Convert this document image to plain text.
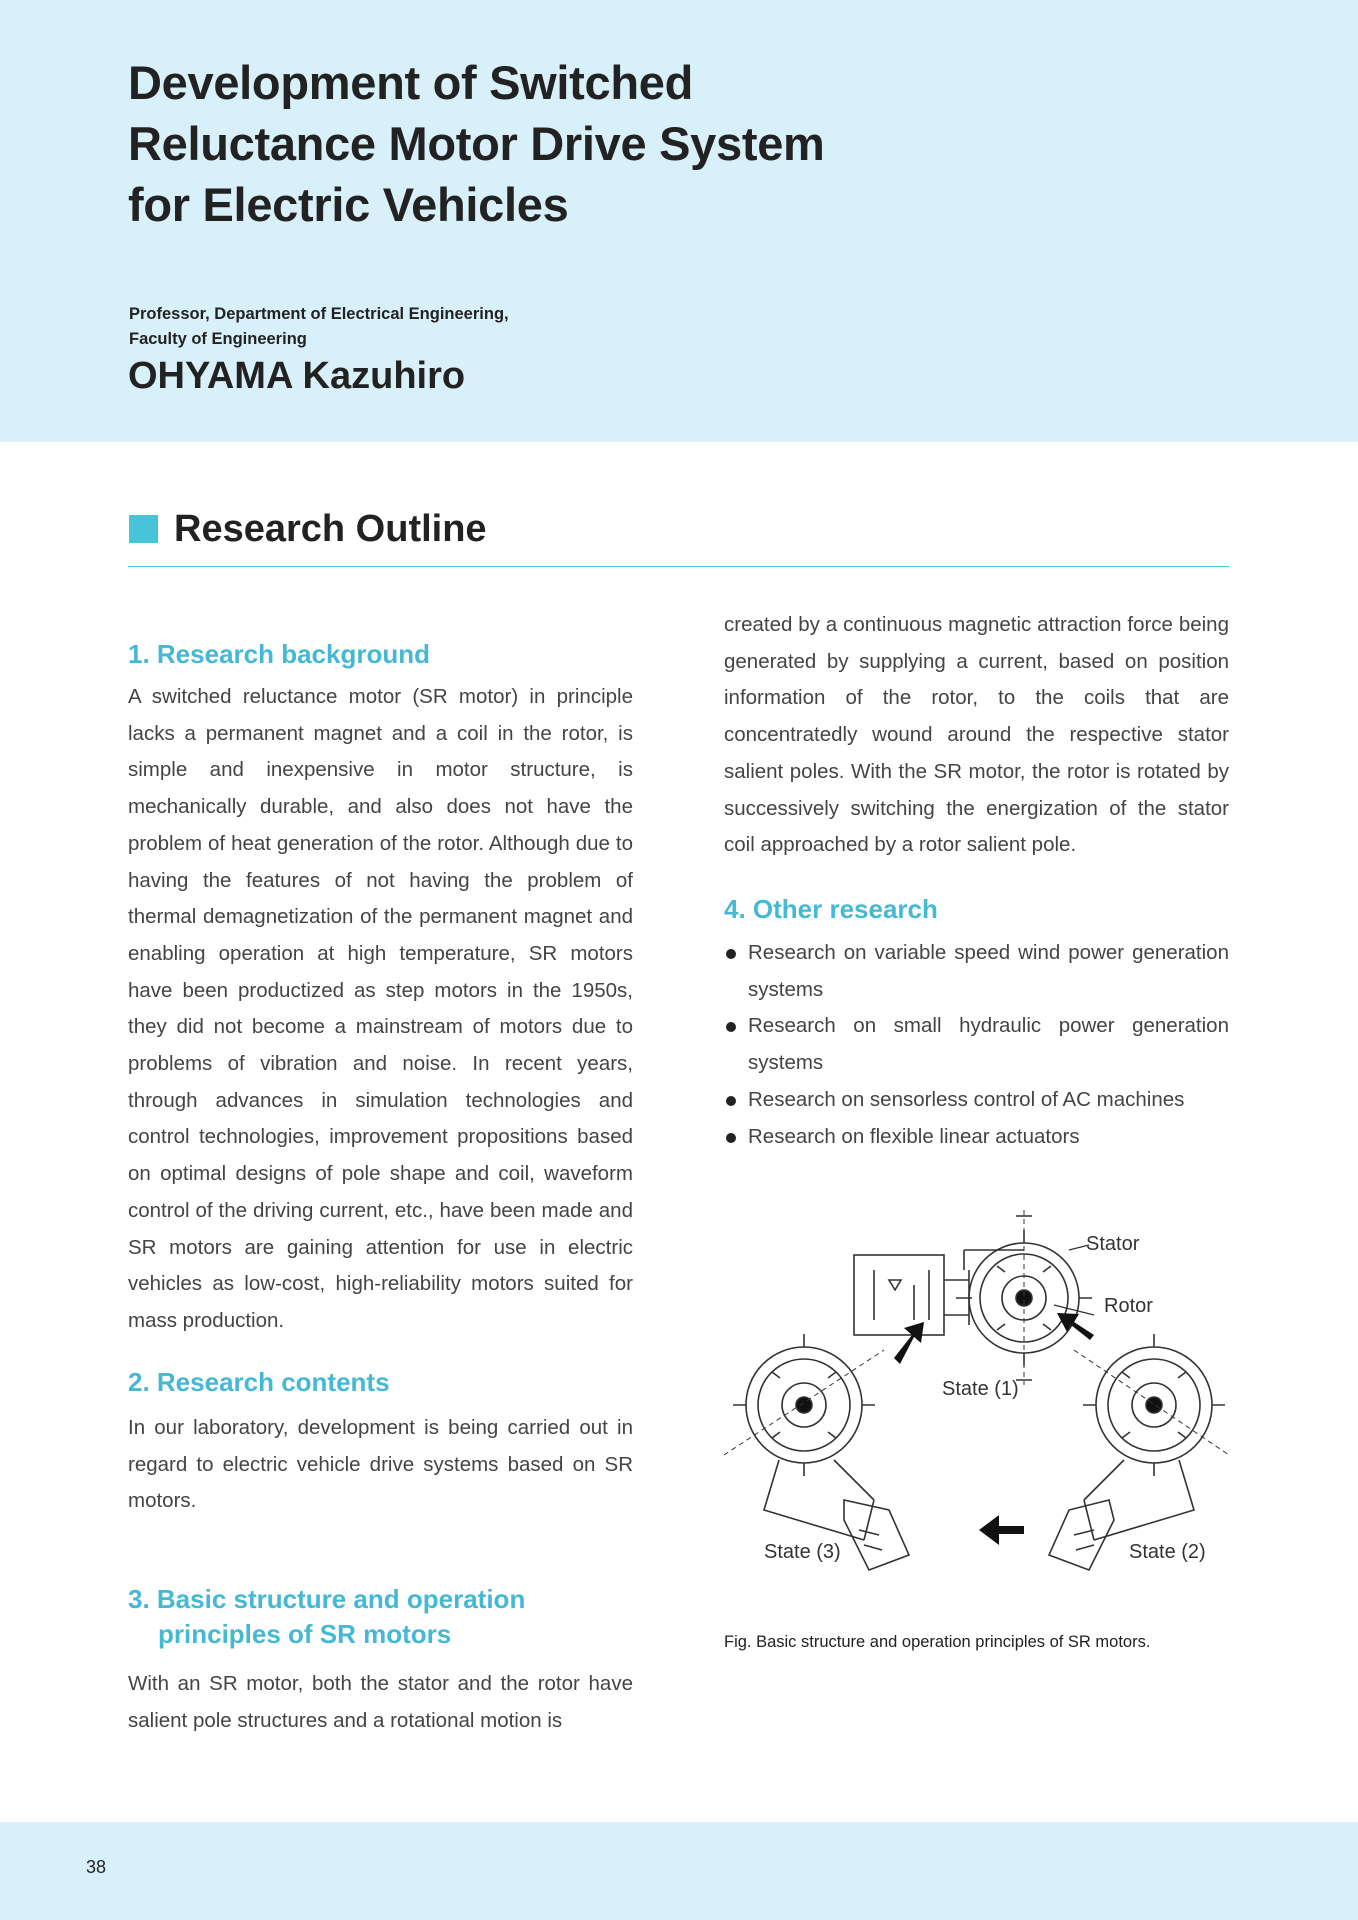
Development of Switched
Reluctance Motor Drive System
for Electric Vehicles

Professor, Department of Electrical Engineering,
Faculty of Engineering

OHYAMA Kazuhiro

Research Outline
1. Research background

A switched reluctance motor (SR motor) in principle lacks a permanent magnet and a coil in the rotor, is simple and inexpensive in motor structure, is mechanically durable, and also does not have the problem of heat generation of the rotor. Although due to having the features of not having the problem of thermal demagnetization of the permanent magnet and enabling operation at high temperature, SR motors have been productized as step motors in the 1950s, they did not become a mainstream of motors due to problems of vibration and noise. In recent years, through advances in simulation technologies and control technologies, improvement propositions based on optimal designs of pole shape and coil, waveform control of the driving current, etc., have been made and SR motors are gaining attention for use in electric vehicles as low-cost, high-reliability motors suited for mass production.

2. Research contents

In our laboratory, development is being carried out in regard to electric vehicle drive systems based on SR motors.

3. Basic structure and operation
principles of SR motors

With an SR motor, both the stator and the rotor have salient pole structures and a rotational motion is

created by a continuous magnetic attraction force being generated by supplying a current, based on position information of the rotor, to the coils that are concentratedly wound around the respective stator salient poles. With the SR motor, the rotor is rotated by successively switching the energization of the stator coil approached by a rotor salient pole.

4. Other research
Research on variable speed wind power generation systems
Research on small hydraulic power generation systems
Research on sensorless control of AC machines
Research on flexible linear actuators
Stator
Rotor
State (1)
State (2)
State (3)

Fig. Basic structure and operation principles of SR motors.

38
